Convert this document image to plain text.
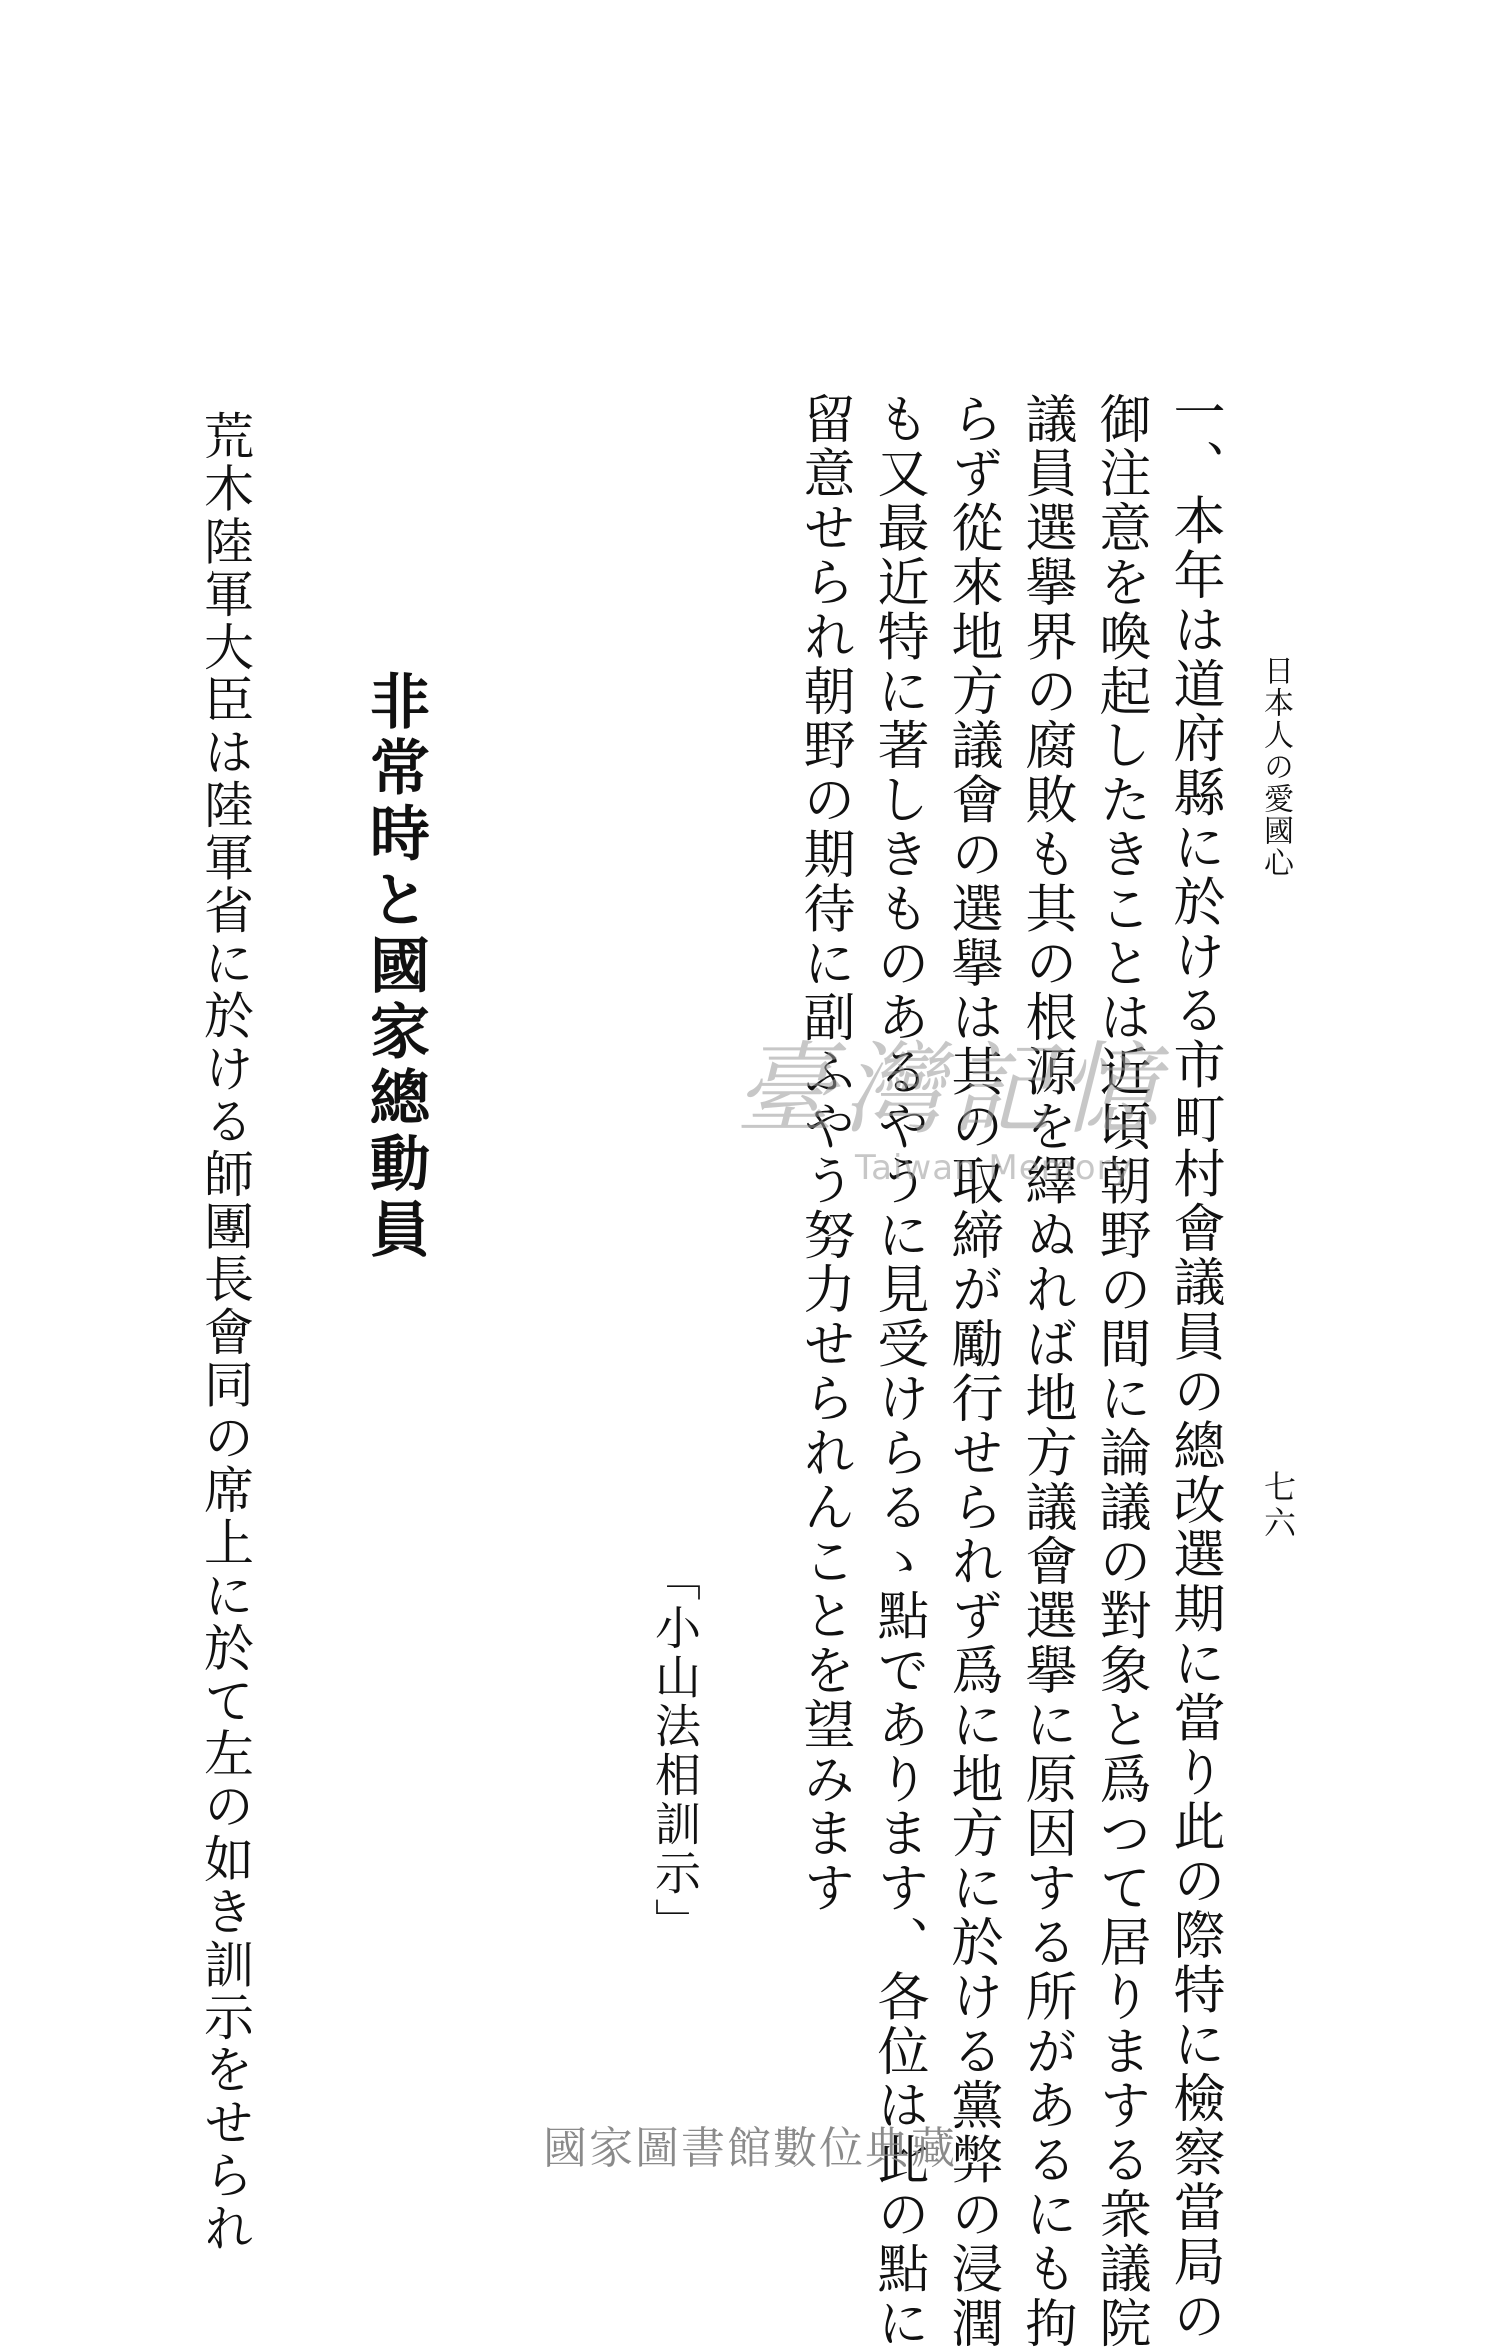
日本人の愛國心
七六
一、本年は道府縣に於ける市町村會議員の總改選期に當り此の際特に檢察當局の
御注意を喚起したきことは近頃朝野の間に論議の對象と爲つて居りまする衆議院
議員選擧界の腐敗も其の根源を繹ぬれば地方議會選擧に原因する所があるにも拘
らず從來地方議會の選擧は其の取締が勵行せられず爲に地方に於ける黨弊の浸潤
も又最近特に著しきものあるやうに見受けらるゝ點であります、各位は此の點に
留意せられ朝野の期待に副ふやう努力せられんことを望みます
「小山法相訓示」
非常時と國家總動員
荒木陸軍大臣は陸軍省に於ける師團長會同の席上に於て左の如き訓示をせられ	臺灣記憶
Taiwan Memory
國家圖書館數位典藏
